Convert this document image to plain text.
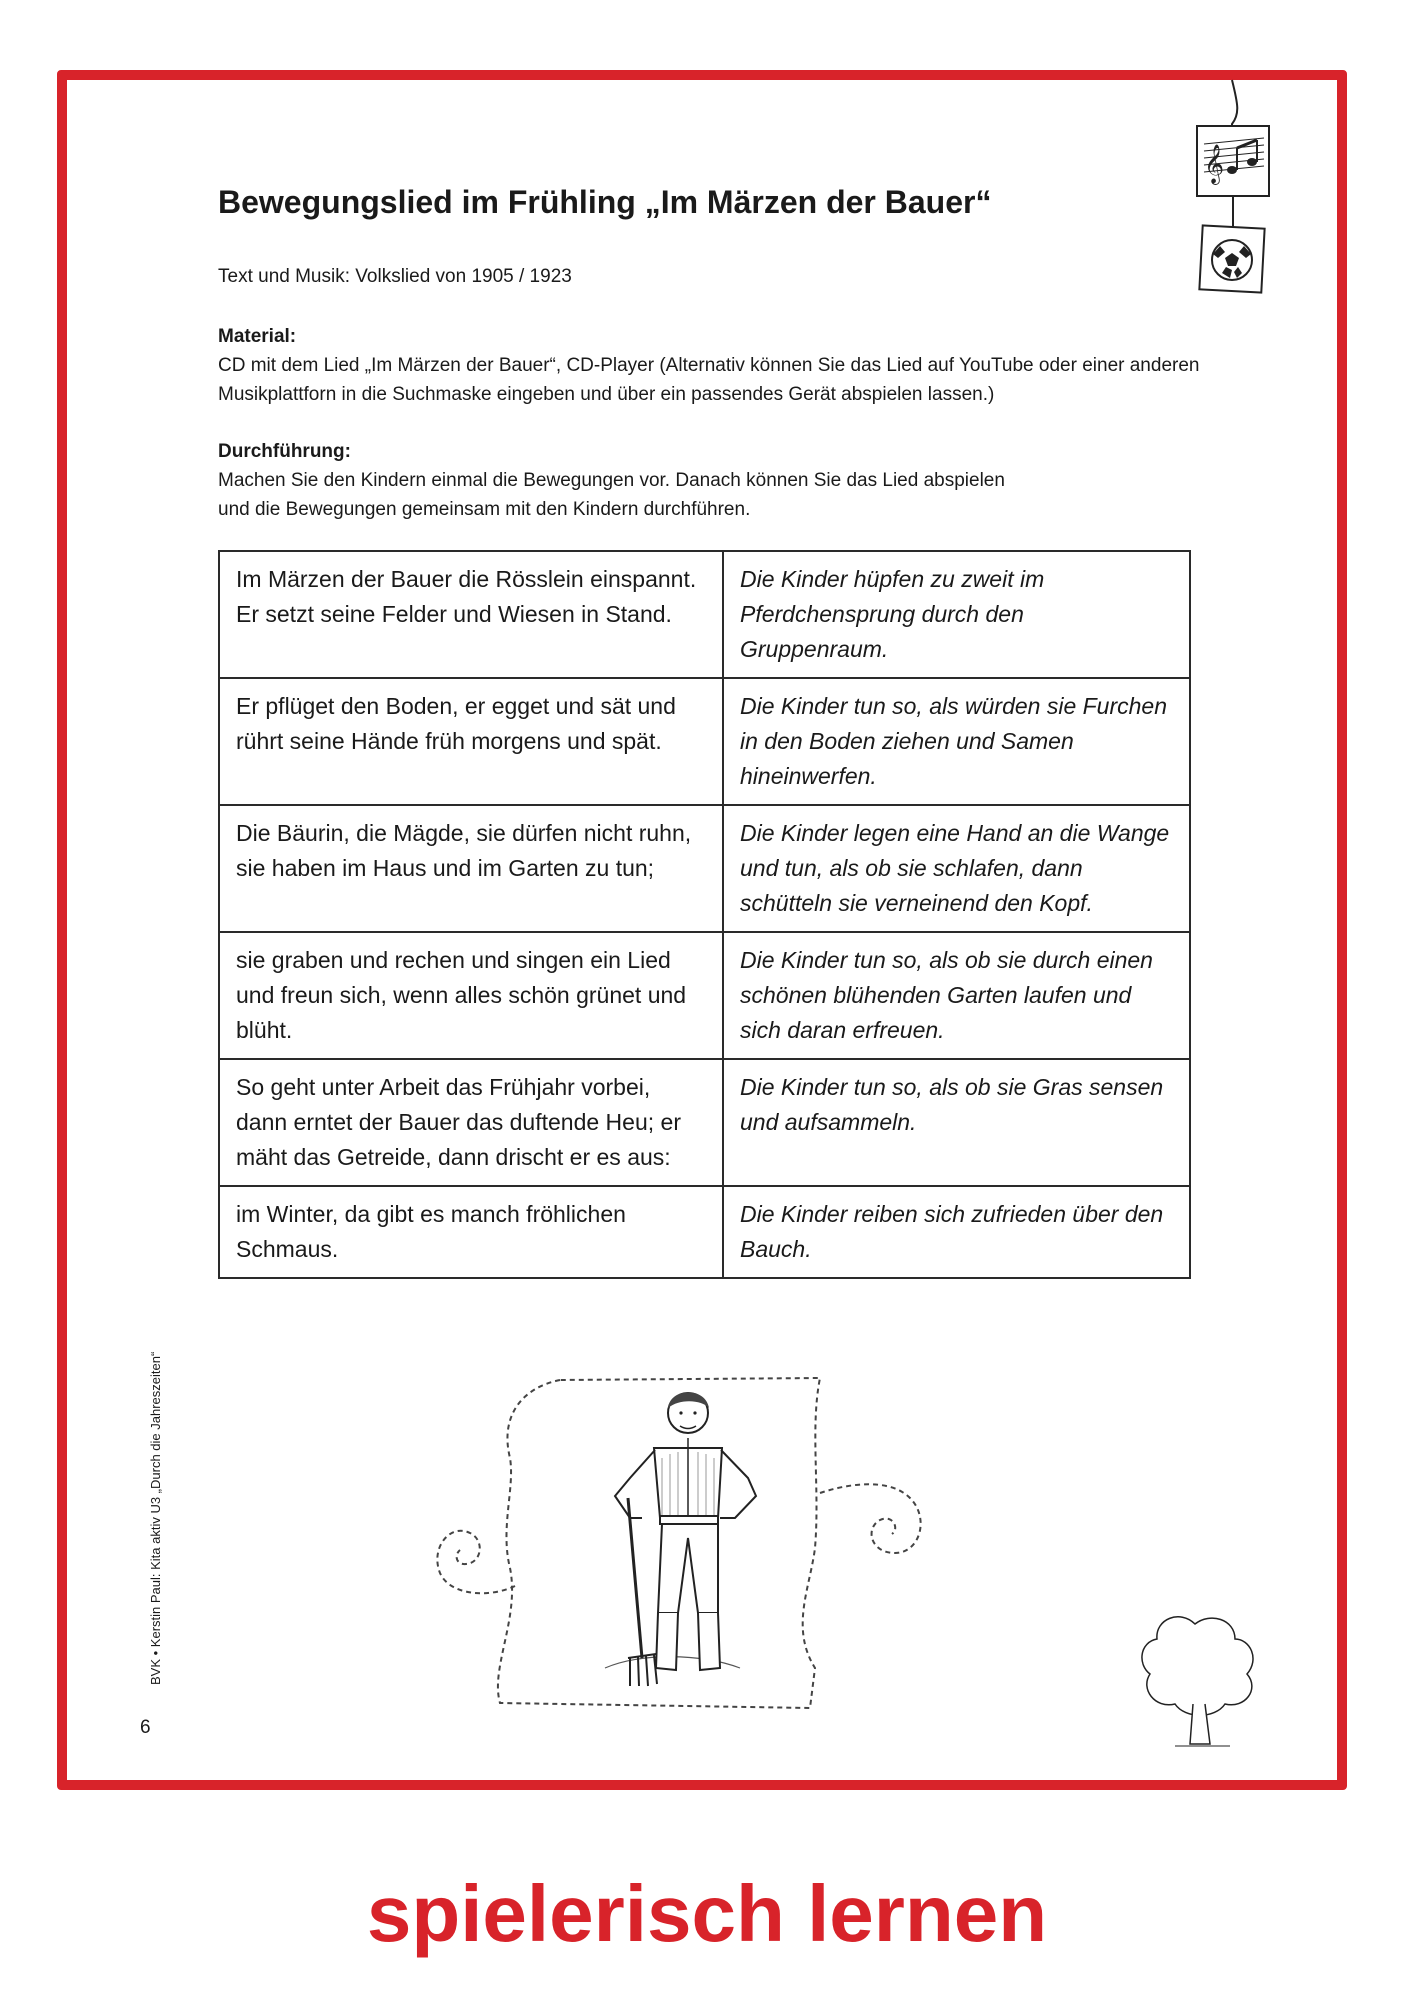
𝄞
Bewegungslied im Frühling „Im Märzen der Bauer“
Text und Musik: Volkslied von 1905 / 1923
Material:
CD mit dem Lied „Im Märzen der Bauer“, CD-Player (Alternativ können Sie das Lied auf YouTube oder einer anderen Musikplattforn in die Suchmaske eingeben und über ein passendes Gerät abspielen lassen.)
Durchführung:
Machen Sie den Kindern einmal die Bewegungen vor. Danach können Sie das Lied abspielen
und die Bewegungen gemeinsam mit den Kindern durchführen.
Im Märzen der Bauer die Rösslein einspannt. Er setzt seine Felder und Wiesen in Stand.	Die Kinder hüpfen zu zweit im Pferdchensprung durch den Gruppenraum.
Er pflüget den Boden, er egget und sät und rührt seine Hände früh morgens und spät.	Die Kinder tun so, als würden sie Furchen in den Boden ziehen und Samen hineinwerfen.
Die Bäurin, die Mägde, sie dürfen nicht ruhn, sie haben im Haus und im Garten zu tun;	Die Kinder legen eine Hand an die Wange und tun, als ob sie schlafen, dann schütteln sie verneinend den Kopf.
sie graben und rechen und singen ein Lied und freun sich, wenn alles schön grünet und blüht.	Die Kinder tun so, als ob sie durch einen schönen blühenden Garten laufen und sich daran erfreuen.
So geht unter Arbeit das Frühjahr vorbei, dann erntet der Bauer das duftende Heu; er mäht das Getreide, dann drischt er es aus:	Die Kinder tun so, als ob sie Gras sensen und aufsammeln.
im Winter, da gibt es manch fröhlichen Schmaus.	Die Kinder reiben sich zufrieden über den Bauch.
BVK • Kerstin Paul: Kita aktiv U3 „Durch die Jahreszeiten“
6
spielerisch lernen
